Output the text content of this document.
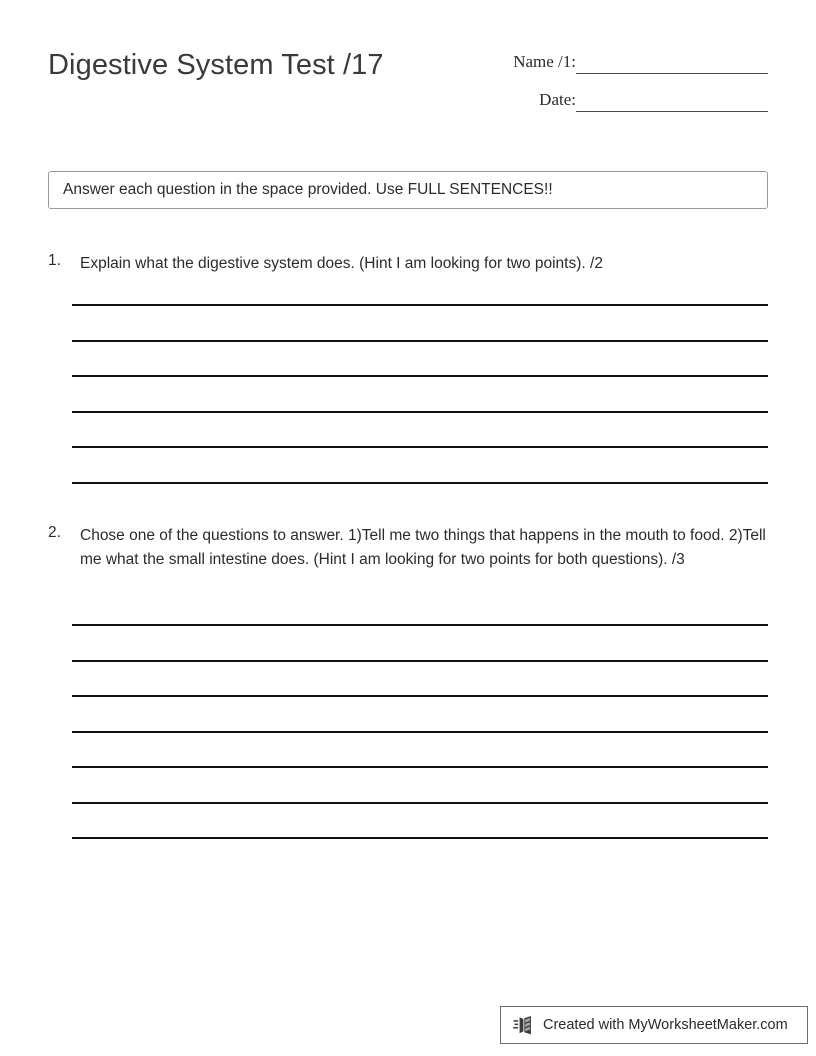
Digestive System Test /17	Name /1:
Date:
Answer each question in the space provided. Use FULL SENTENCES!!
1.	Explain what the digestive system does. (Hint I am looking for two points). /2
2.	Chose one of the questions to answer. 1)Tell me two things that happens in the mouth to food. 2)Tell me what the small intestine does. (Hint I am looking for two points for both questions). /3
Created with MyWorksheetMaker.com
